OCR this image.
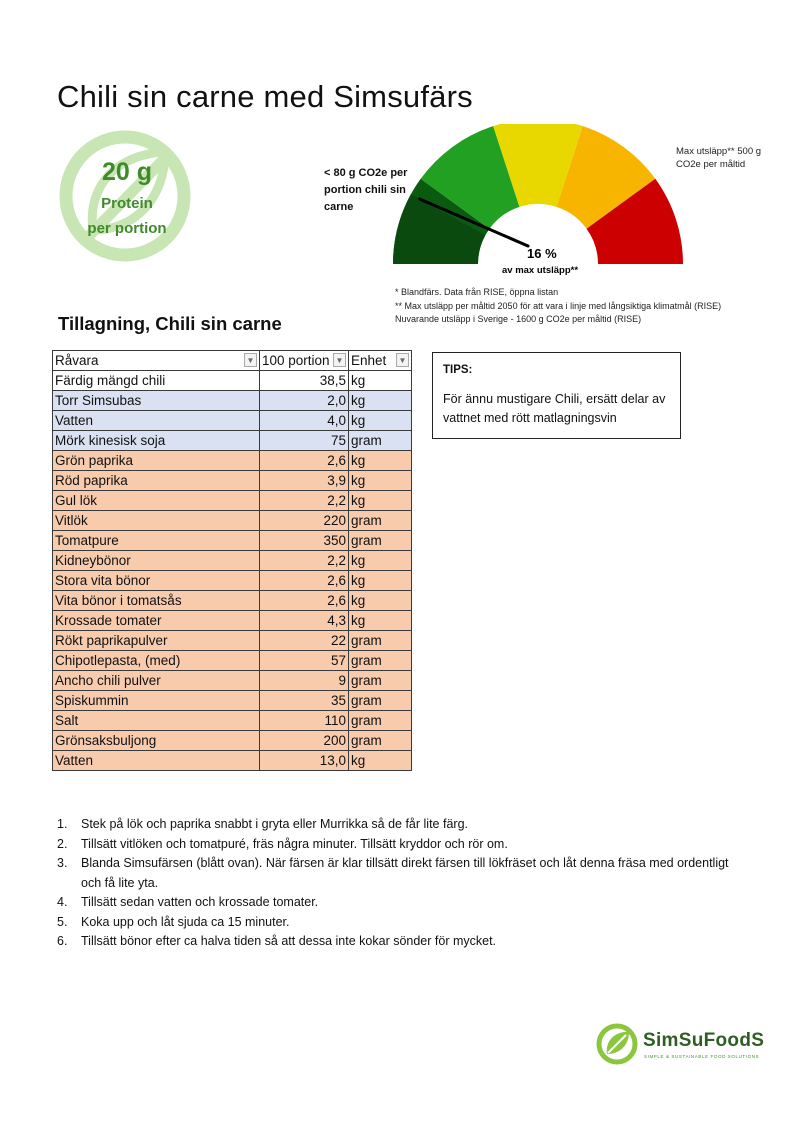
Chili sin carne med Simsufärs
20 g
Protein
per portion
< 80 g CO2e per portion chili sin carne
Max utsläpp** 500 g CO2e per måltid
16 %
av max utsläpp**
* Blandfärs. Data från RISE, öppna listan
** Max utsläpp per måltid 2050 för att vara i linje med långsiktiga klimatmål (RISE)
Nuvarande utsläpp i Sverige - 1600 g CO2e per måltid (RISE)
Tillagning, Chili sin carne
Råvara ▼	100 portion ▼	Enhet ▼

Färdig mängd chili	38,5	kg
Torr Simsubas	2,0	kg
Vatten	4,0	kg
Mörk kinesisk soja	75	gram
Grön paprika	2,6	kg
Röd paprika	3,9	kg
Gul lök	2,2	kg
Vitlök	220	gram
Tomatpure	350	gram
Kidneybönor	2,2	kg
Stora vita bönor	2,6	kg
Vita bönor i tomatsås	2,6	kg
Krossade tomater	4,3	kg
Rökt paprikapulver	22	gram
Chipotlepasta, (med)	57	gram
Ancho chili pulver	9	gram
Spiskummin	35	gram
Salt	110	gram
Grönsaksbuljong	200	gram
Vatten	13,0	kg
TIPS:
För ännu mustigare Chili, ersätt delar av vattnet med rött matlagningsvin
1. Stek på lök och paprika snabbt i gryta eller Murrikka så de får lite färg.
2. Tillsätt vitlöken och tomatpuré, fräs några minuter. Tillsätt kryddor och rör om.
3. Blanda Simsufärsen (blått ovan). När färsen är klar tillsätt direkt färsen till lökfräset och låt denna fräsa med ordentligt och få lite yta.
4. Tillsätt sedan vatten och krossade tomater.
5. Koka upp och låt sjuda ca 15 minuter.
6. Tillsätt bönor efter ca halva tiden så att dessa inte kokar sönder för mycket.
SimSuFoodS
SIMPLE & SUSTAINABLE FOOD SOLUTIONS
